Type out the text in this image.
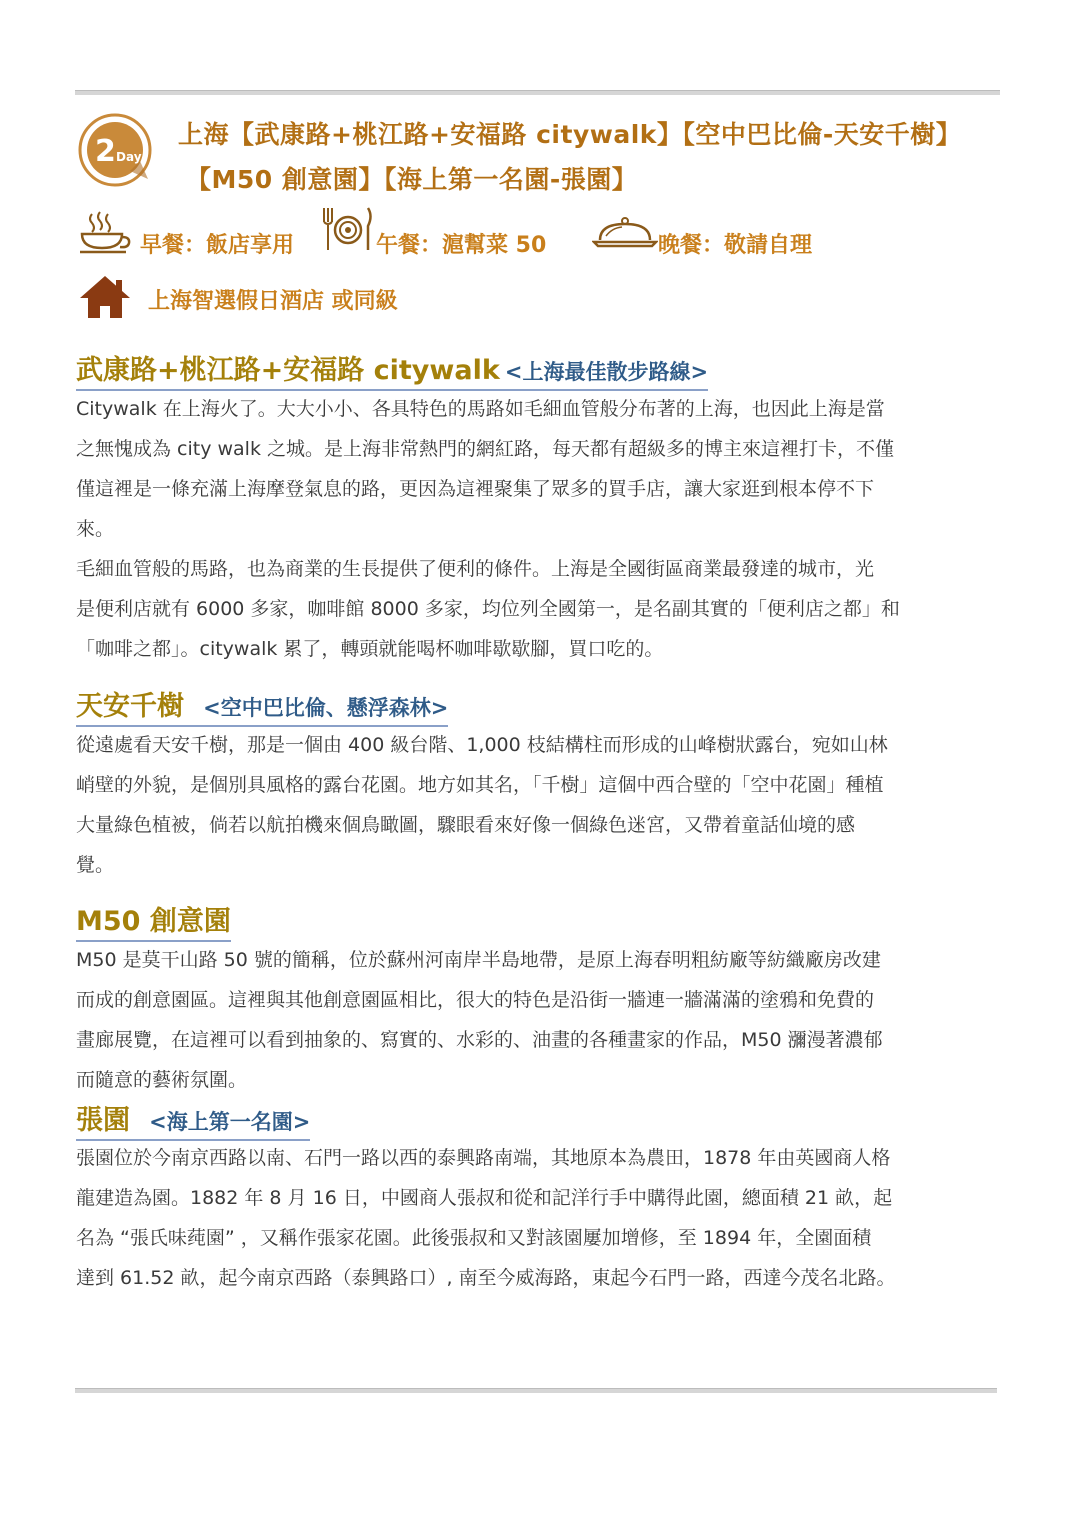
2 Day
上海【武康路+桃江路+安福路 citywalk】【空中巴比倫-天安千樹】
【M50 創意園】【海上第一名園-張園】
早餐：飯店享用	午餐：滬幫菜 50	晚餐：敬請自理
上海智選假日酒店 或同級
武康路+桃江路+安福路 citywalk <上海最佳散步路線>
Citywalk 在上海火了。大大小小、各具特色的馬路如毛細血管般分布著的上海，也因此上海是當
之無愧成為 city walk 之城。是上海非常熱門的網紅路，每天都有超級多的博主來這裡打卡，不僅
僅這裡是一條充滿上海摩登氣息的路，更因為這裡聚集了眾多的買手店，讓大家逛到根本停不下
來。
毛細血管般的馬路，也為商業的生長提供了便利的條件。上海是全國街區商業最發達的城市，光
是便利店就有 6000 多家，咖啡館 8000 多家，均位列全國第一，是名副其實的「便利店之都」和
「咖啡之都」。citywalk 累了，轉頭就能喝杯咖啡歇歇腳，買口吃的。
天安千樹 <空中巴比倫、懸浮森林>
從遠處看天安千樹，那是一個由 400 級台階、1,000 枝結構柱而形成的山峰樹狀露台，宛如山林
峭壁的外貌，是個別具風格的露台花園。地方如其名，「千樹」這個中西合壁的「空中花園」種植
大量綠色植被，倘若以航拍機來個鳥瞰圖，驟眼看來好像一個綠色迷宮，又帶着童話仙境的感
覺。
M50 創意園
M50 是莫干山路 50 號的簡稱，位於蘇州河南岸半島地帶，是原上海春明粗紡廠等紡織廠房改建
而成的創意園區。這裡與其他創意園區相比，很大的特色是沿街一牆連一牆滿滿的塗鴉和免費的
畫廊展覽，在這裡可以看到抽象的、寫實的、水彩的、油畫的各種畫家的作品，M50 瀰漫著濃郁
而隨意的藝術氛圍。
張園 <海上第一名園>
張園位於今南京西路以南、石門一路以西的泰興路南端，其地原本為農田，1878 年由英國商人格
龍建造為園。1882 年 8 月 16 日，中國商人張叔和從和記洋行手中購得此園，總面積 21 畝，起
名為 “張氏味莼園” ，又稱作張家花園。此後張叔和又對該園屢加增修，至 1894 年，全園面積
達到 61.52 畝，起今南京西路（泰興路口）, 南至今威海路，東起今石門一路，西達今茂名北路。
